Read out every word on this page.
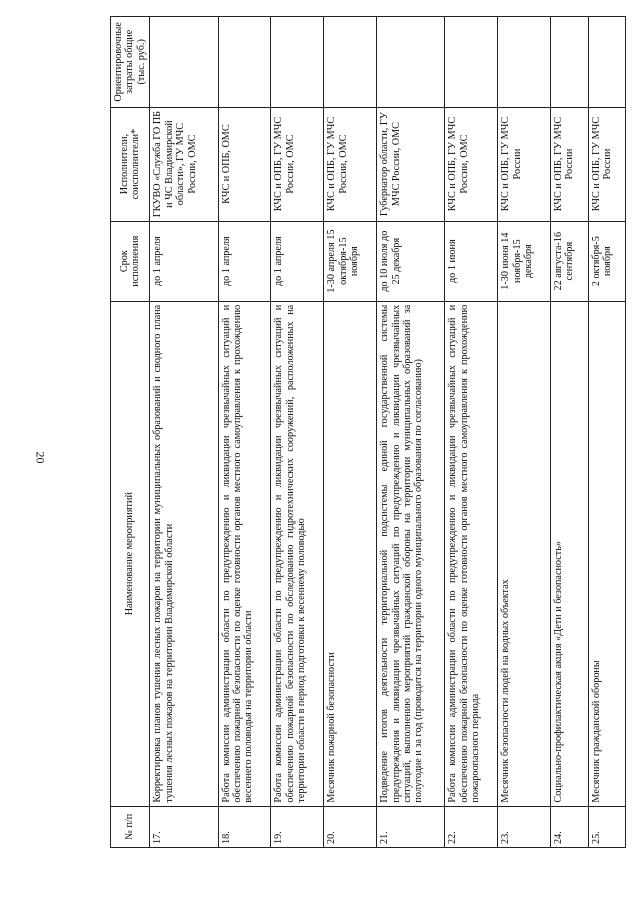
20
№ п/п	Наименование мероприятий	Срок исполнения	Исполнители, соисполнители*	Ориентировочные затраты общие (тыс. руб.)
17.	Корректировка планов тушения лесных пожаров на территории муниципальных образований и сводного плана тушения лесных пожаров на территории Владимирской области	до 1 апреля	ГКУВО «Служба ГО ПБ и ЧС Владимирской области», ГУ МЧС России, ОМС	
18.	Работа комиссии администрации области по предупреждению и ликвидации чрезвычайных ситуаций и обеспечению пожарной безопасности по оценке готовности органов местного самоуправления к прохождению весеннего половодья на территории области	до 1 апреля	КЧС и ОПБ, ОМС	
19.	Работа комиссии администрации области по предупреждению и ликвидации чрезвычайных ситуаций и обеспечению пожарной безопасности по обследованию гидротехнических сооружений, расположенных на территории области в период подготовки к весеннему половодью	до 1 апреля	КЧС и ОПБ, ГУ МЧС России, ОМС	
20.	Месячник пожарной безопасности	1-30 апреля 15 октября-15 ноября	КЧС и ОПБ, ГУ МЧС России, ОМС	
21.	Подведение итогов деятельности территориальной подсистемы единой государственной системы предупреждения и ликвидации чрезвычайных ситуаций по предупреждению и ликвидации чрезвычайных ситуаций, выполнению мероприятий гражданской обороны на территории муниципальных образований за полугодие и за год (проводится на территории одного муниципального образования по согласованию)	до 10 июля до 25 декабря	Губернатор области, ГУ МЧС России, ОМС	
22.	Работа комиссии администрации области по предупреждению и ликвидации чрезвычайных ситуаций и обеспечению пожарной безопасности по оценке готовности органов местного самоуправления к прохождению пожароопасного периода	до 1 июня	КЧС и ОПБ, ГУ МЧС России, ОМС	
23.	Месячник безопасности людей на водных объектах	1-30 июня 14 ноября-15 декабря	КЧС и ОПБ, ГУ МЧС России	
24.	Социально-профилактическая акция «Дети и безопасность»	22 августа-16 сентября	КЧС и ОПБ, ГУ МЧС России	
25.	Месячник гражданской обороны	2 октября-5 ноября	КЧС и ОПБ, ГУ МЧС России	
